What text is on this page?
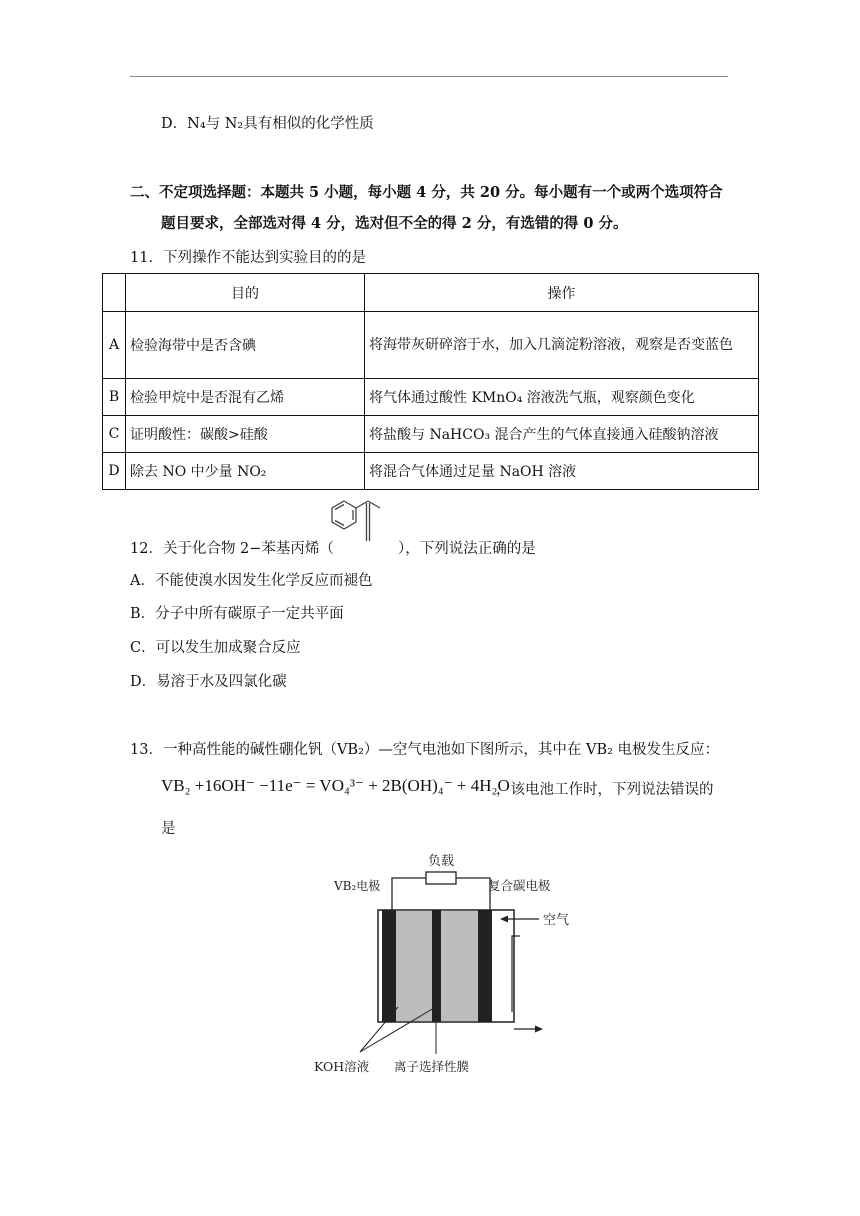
D．N₄与 N₂具有相似的化学性质
二、不定项选择题：本题共 5 小题，每小题 4 分，共 20 分。每小题有一个或两个选项符合
题目要求，全部选对得 4 分，选对但不全的得 2 分，有选错的得 0 分。
11．下列操作不能达到实验目的的是
	目的	操作
A	检验海带中是否含碘	将海带灰研碎溶于水，加入几滴淀粉溶液，观察是否变蓝色
B	检验甲烷中是否混有乙烯	将气体通过酸性 KMnO₄ 溶液洗气瓶，观察颜色变化
C	证明酸性：碳酸>硅酸	将盐酸与 NaHCO₃ 混合产生的气体直接通入硅酸钠溶液
D	除去 NO 中少量 NO₂	将混合气体通过足量 NaOH 溶液
12．关于化合物 2−苯基丙烯（	），下列说法正确的是
A．不能使溴水因发生化学反应而褪色
B．分子中所有碳原子一定共平面
C．可以发生加成聚合反应
D．易溶于水及四氯化碳
13．一种高性能的碱性硼化钒（VB₂）—空气电池如下图所示，其中在 VB₂ 电极发生反应：
VB₂ +16OH⁻ −11e⁻ = VO₄³⁻ + 2B(OH)₄⁻ + 4H₂O
，该电池工作时，下列说法错误的
是
负载
VB₂电极	复合碳电极
空气
KOH溶液 离子选择性膜
